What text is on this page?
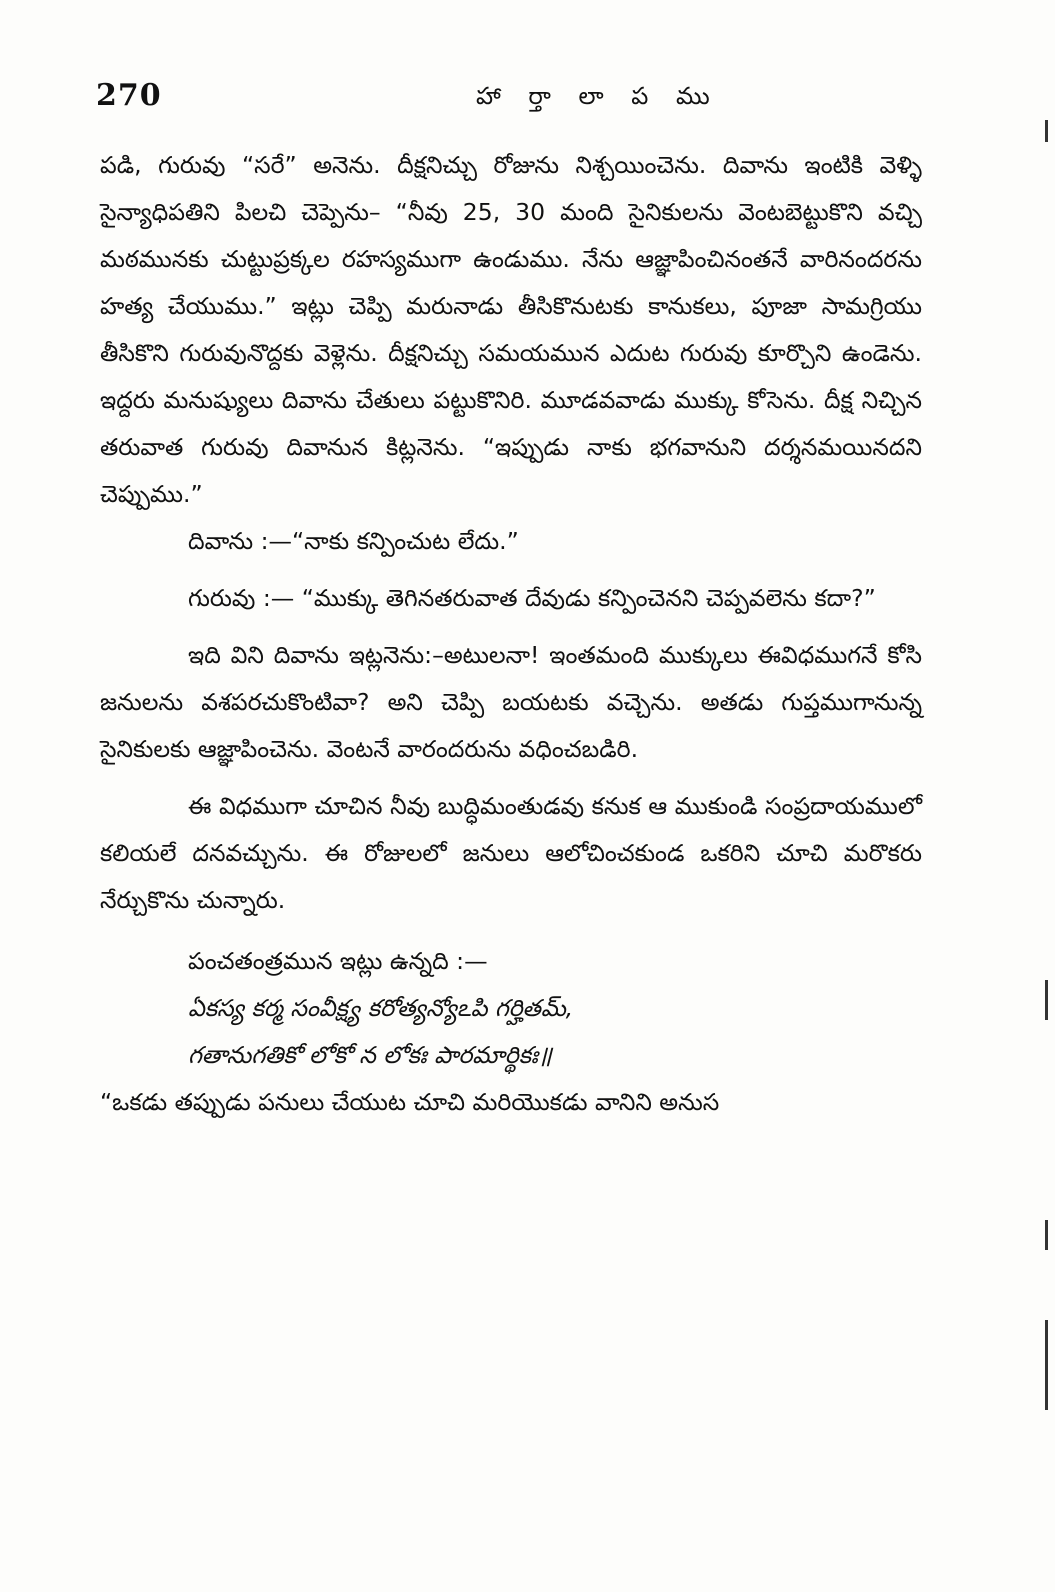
270	హా ర్తా లా ప ము

పడి, గురువు “సరే” అనెను. దీక్షనిచ్చు రోజును నిశ్చయించెను. దివాను ఇంటికి వెళ్ళి సైన్యాధిపతిని పిలచి చెప్పెను– “నీవు 25, 30 మంది సైనికులను వెంటబెట్టుకొని వచ్చి మఠమునకు చుట్టుప్రక్కల రహస్యముగా ఉండుము. నేను ఆజ్ఞాపించినంతనే వారినందరను హత్య చేయుము.” ఇట్లు చెప్పి మరునాడు తీసికొనుటకు కానుకలు, పూజా సామగ్రియు తీసికొని గురువునొద్దకు వెళ్లెను. దీక్షనిచ్చు సమయమున ఎదుట గురువు కూర్చొని ఉండెను. ఇద్దరు మనుష్యులు దివాను చేతులు పట్టుకొనిరి. మూడవవాడు ముక్కు కోసెను. దీక్ష నిచ్చిన తరువాత గురువు దివానున కిట్లనెను. “ఇప్పుడు నాకు భగవానుని దర్శనమయినదని చెప్పుము.”

దివాను :—“నాకు కన్పించుట లేదు.”

గురువు :— “ముక్కు తెగినతరువాత దేవుడు కన్పించెనని చెప్పవలెను కదా?”

ఇది విని దివాను ఇట్లనెను:–అటులనా! ఇంతమంది ముక్కులు ఈవిధముగనే కోసి జనులను వశపరచుకొంటివా? అని చెప్పి బయటకు వచ్చెను. అతడు గుప్తముగానున్న సైనికులకు ఆజ్ఞాపించెను. వెంటనే వారందరును వధించబడిరి.

ఈ విధముగా చూచిన నీవు బుద్ధిమంతుడవు కనుక ఆ ముకుండి సంప్రదాయములో కలియలే దనవచ్చును. ఈ రోజులలో జనులు ఆలోచించకుండ ఒకరిని చూచి మరొకరు నేర్చుకొను చున్నారు.

పంచతంత్రమున ఇట్లు ఉన్నది :—
ఏకస్య కర్మ సంవీక్ష్య కరోత్యన్యోఽపి గర్హితమ్,
గతానుగతికో లోకో న లోకః పారమార్థికః॥

“ఒకడు తప్పుడు పనులు చేయుట చూచి మరియొకడు వానిని అనుస
